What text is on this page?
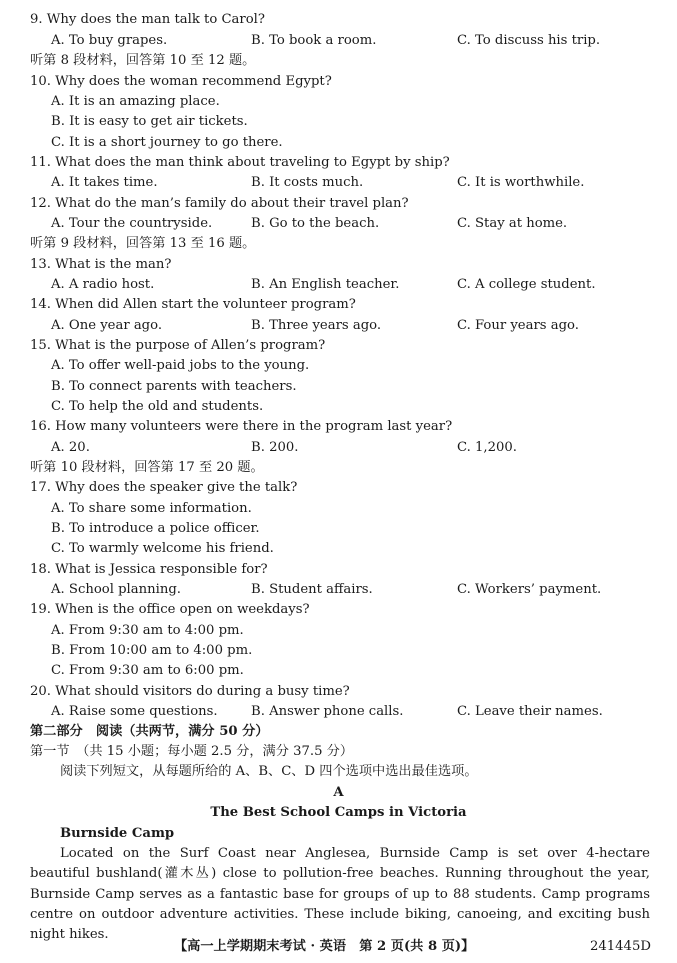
9. Why does the man talk to Carol?
A. To buy grapes.	B. To book a room.	C. To discuss his trip.
听第 8 段材料，回答第 10 至 12 题。
10. Why does the woman recommend Egypt?
A. It is an amazing place.
B. It is easy to get air tickets.
C. It is a short journey to go there.
11. What does the man think about traveling to Egypt by ship?
A. It takes time.	B. It costs much.	C. It is worthwhile.
12. What do the man’s family do about their travel plan?
A. Tour the countryside.	B. Go to the beach.	C. Stay at home.
听第 9 段材料，回答第 13 至 16 题。
13. What is the man?
A. A radio host.	B. An English teacher.	C. A college student.
14. When did Allen start the volunteer program?
A. One year ago.	B. Three years ago.	C. Four years ago.
15. What is the purpose of Allen’s program?
A. To offer well-paid jobs to the young.
B. To connect parents with teachers.
C. To help the old and students.
16. How many volunteers were there in the program last year?
A. 20.	B. 200.	C. 1,200.
听第 10 段材料，回答第 17 至 20 题。
17. Why does the speaker give the talk?
A. To share some information.
B. To introduce a police officer.
C. To warmly welcome his friend.
18. What is Jessica responsible for?
A. School planning.	B. Student affairs.	C. Workers’ payment.
19. When is the office open on weekdays?
A. From 9:30 am to 4:00 pm.
B. From 10:00 am to 4:00 pm.
C. From 9:30 am to 6:00 pm.
20. What should visitors do during a busy time?
A. Raise some questions.	B. Answer phone calls.	C. Leave their names.
第二部分　阅读（共两节，满分 50 分）
第一节　（共 15 小题；每小题 2.5 分，满分 37.5 分）
阅读下列短文，从每题所给的 A、B、C、D 四个选项中选出最佳选项。
A
The Best School Camps in Victoria
Burnside Camp
Located on the Surf Coast near Anglesea, Burnside Camp is set over 4-hectare beautiful bushland(灌木丛) close to pollution-free beaches. Running throughout the year, Burnside Camp serves as a fantastic base for groups of up to 88 students. Camp programs centre on outdoor adventure activities. These include biking, canoeing, and exciting bush night hikes.
【高一上学期期末考试 · 英语　第 2 页(共 8 页)】	241445D
